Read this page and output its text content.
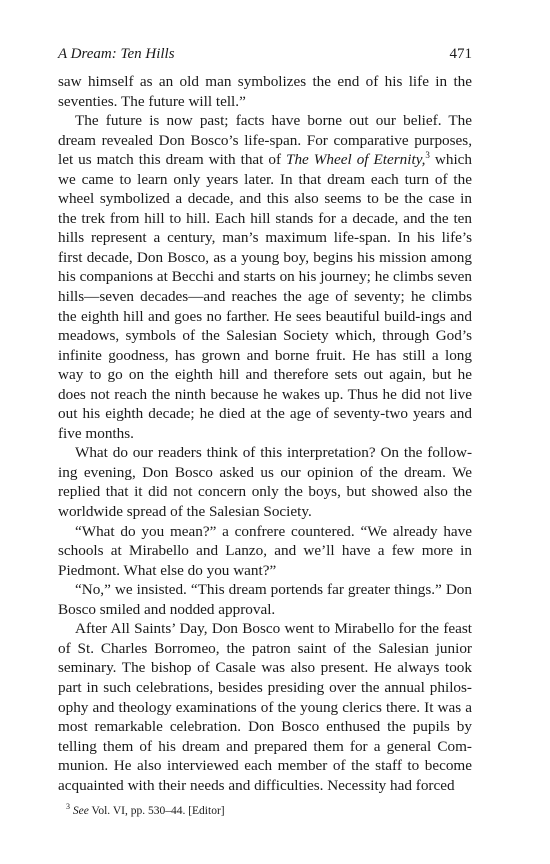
A Dream: Ten Hills	471

saw himself as an old man symbolizes the end of his life in the seventies. The future will tell.”

The future is now past; facts have borne out our belief. The dream revealed Don Bosco’s life-span. For comparative purposes, let us match this dream with that of The Wheel of Eternity,$^3$ which we came to learn only years later. In that dream each turn of the wheel symbolized a decade, and this also seems to be the case in the trek from hill to hill. Each hill stands for a decade, and the ten hills represent a century, man’s maximum life-span. In his life’s first decade, Don Bosco, as a young boy, begins his mission among his companions at Becchi and starts on his journey; he climbs seven hills—seven decades—and reaches the age of seventy; he climbs the eighth hill and goes no farther. He sees beautiful build-ings and meadows, symbols of the Salesian Society which, through God’s infinite goodness, has grown and borne fruit. He has still a long way to go on the eighth hill and therefore sets out again, but he does not reach the ninth because he wakes up. Thus he did not live out his eighth decade; he died at the age of seventy-two years and five months.

What do our readers think of this interpretation? On the follow-ing evening, Don Bosco asked us our opinion of the dream. We replied that it did not concern only the boys, but showed also the worldwide spread of the Salesian Society.

“What do you mean?” a confrere countered. “We already have schools at Mirabello and Lanzo, and we’ll have a few more in Piedmont. What else do you want?”

“No,” we insisted. “This dream portends far greater things.” Don Bosco smiled and nodded approval.

After All Saints’ Day, Don Bosco went to Mirabello for the feast of St. Charles Borromeo, the patron saint of the Salesian junior seminary. The bishop of Casale was also present. He always took part in such celebrations, besides presiding over the annual philos-ophy and theology examinations of the young clerics there. It was a most remarkable celebration. Don Bosco enthused the pupils by telling them of his dream and prepared them for a general Com-munion. He also interviewed each member of the staff to become acquainted with their needs and difficulties. Necessity had forced

$^3$ See Vol. VI, pp. 530–44. [Editor]
